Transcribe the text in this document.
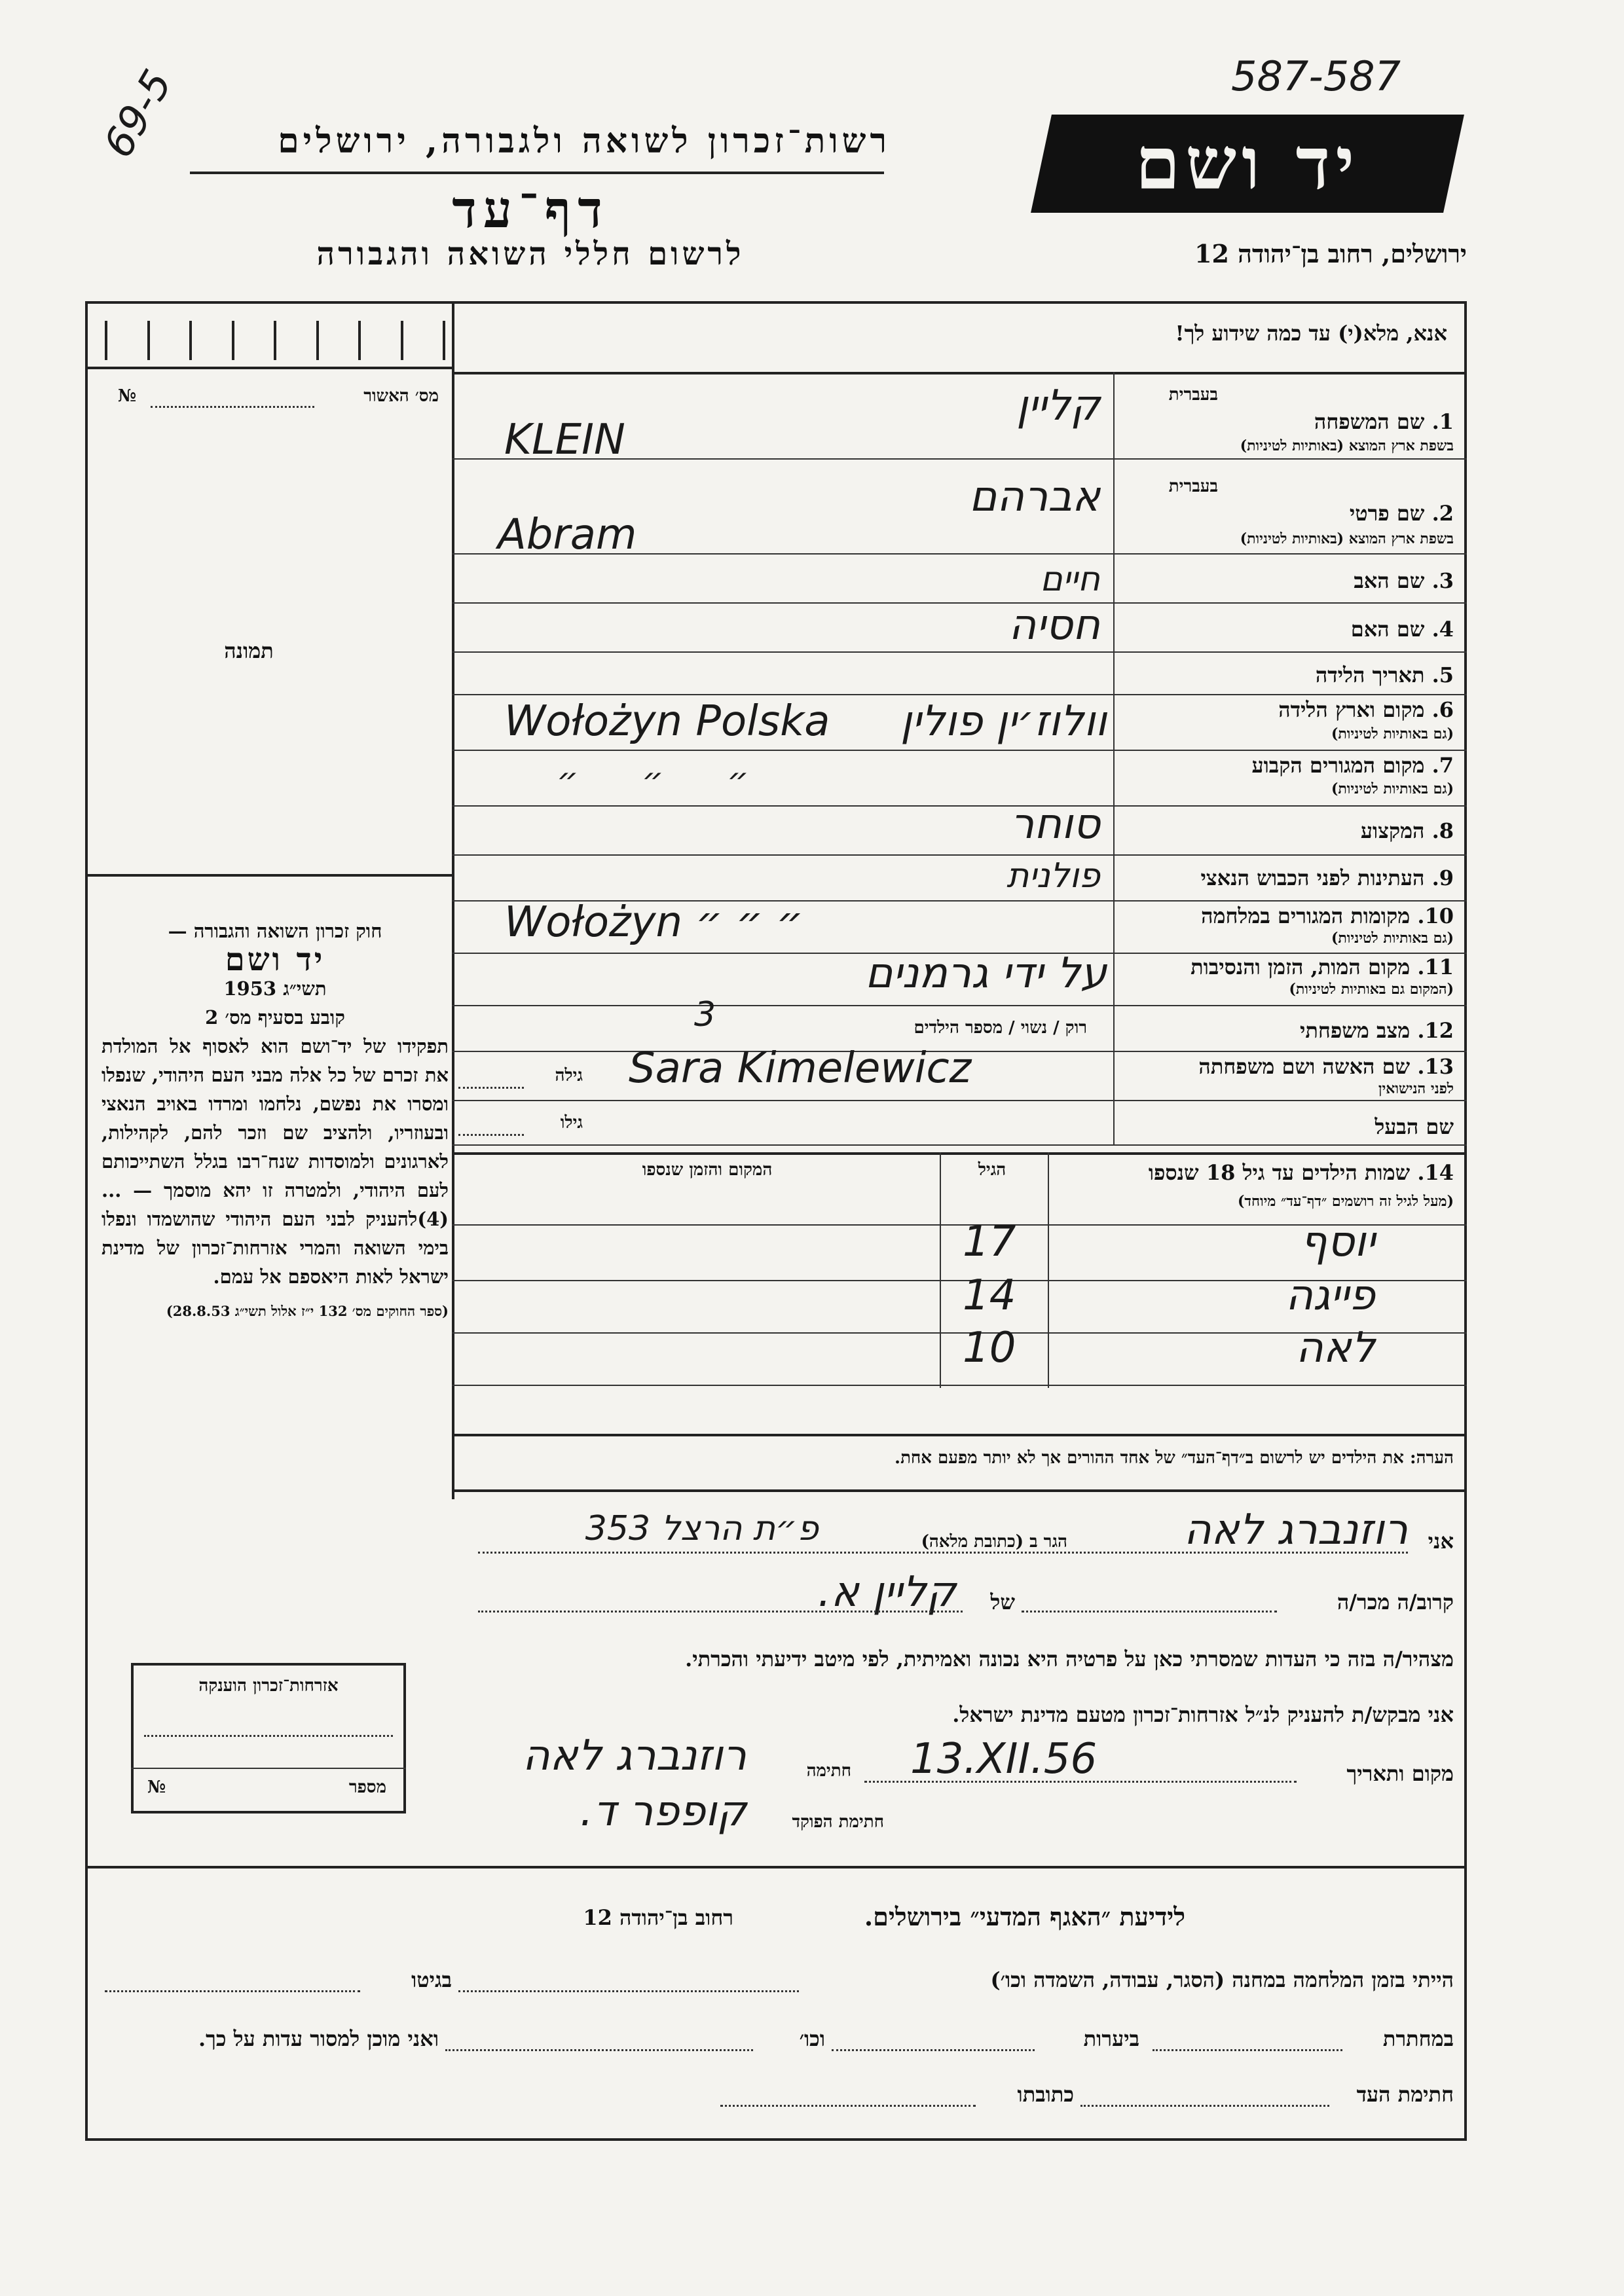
587-587
69-5	רשות־זכרון לשואה ולגבורה, ירושלים
דף־עד
לרשום חללי השואה והגבורה
יד ושם
ירושלים, רחוב בן־יהודה 12
אנא, מלא(י) עד כמה שידוע לך!
מס׳ האשור
№
תמונה
בעברית
1. שם המשפחה
בשפת ארץ המוצא (באותיות לטיניות)
קליין
KLEIN
בעברית
2. שם פרטי
בשפת ארץ המוצא (באותיות לטיניות)
אברהם
Abram
3. שם האב
חיים
4. שם האם
חסיה
5. תאריך הלידה
6. מקום וארץ הלידה
(גם באותיות לטיניות)
וולוז׳ין פולין
Wołożyn Polska
7. מקום המגורים הקבוע
(גם באותיות לטיניות)
״ ״ ״
8. המקצוע
סוחר
9. העתינות לפני הכבוש הנאצי
פולנית
10. מקומות המגורים במלחמה
(גם באותיות לטיניות)
Wołożyn ״ ״ ״
11. מקום המות, הזמן והנסיבות
(המקום גם באותיות לטיניות)
על ידי גרמנים
12. מצב משפחתי
רוק / נשוי / מספר הילדים
3
13. שם האשה ושם משפחתה
לפני הנישואין
Sara Kimelewicz
גילה
שם הבעל
גילו
14. שמות הילדים עד גיל 18 שנספו
(מעל לגיל זה רושמים ״דף־עד״ מיוחד)
הגיל
המקום והזמן שנספו
יוסף
17
פייגה
14
לאה
10
הערה: את הילדים יש לרשום ב״דף־העד״ של אחד ההורים אך לא יותר מפעם אחת.
חוק זכרון השואה והגבורה —
יד ושם
תשי״ג 1953
קובע בסעיף מס׳ 2
תפקידו של יד־ושם הוא לאסוף אל המולדת את זכרם של כל אלה מבני העם היהודי, שנפלו ומסרו את נפשם, נלחמו ומרדו באויב הנאצי ובעוזריו, ולהציב שם וזכר להם, לקהילות, לארגונים ולמוסדות שנח־רבו בגלל השתייכותם לעם היהודי, ולמטרה זו יהא מוסמך — ...(4)להעניק לבני העם היהודי שהושמדו ונפלו בימי השואה והמרי אזרחות־זכרון של מדינת ישראל לאות היאספם אל עמם.
(ספר החוקים מס׳ 132 י״ז אלול תשי״ג 28.8.53)
אזרחות־זכרון הוענקה
מספר
№
אני
רוזנברג לאה
הגר ב (כתובת מלאה)
פ״ת הרצל 353
קרוב/ה מכר/ה
של
קליין א.
מצהיר/ה בזה כי העדות שמסרתי כאן על פרטיה היא נכונה ואמיתית, לפי מיטב ידיעתי והכרתי.
אני מבקש/ת להעניק לנ״ל אזרחות־זכרון מטעם מדינת ישראל.
מקום ותאריך
13.XII.56
חתימה
רוזנברג לאה
חתימת הפוקד
קופפר ד.
לידיעת ״האגף המדעי״ בירושלים.
רחוב בן־יהודה 12
הייתי בזמן המלחמה במחנה (הסגר, עבודה, השמדה וכו׳)
בגיטו
במחתרת
ביערות
וכו׳
ואני מוכן למסור עדות על כך.
חתימת העד
כתובתו
